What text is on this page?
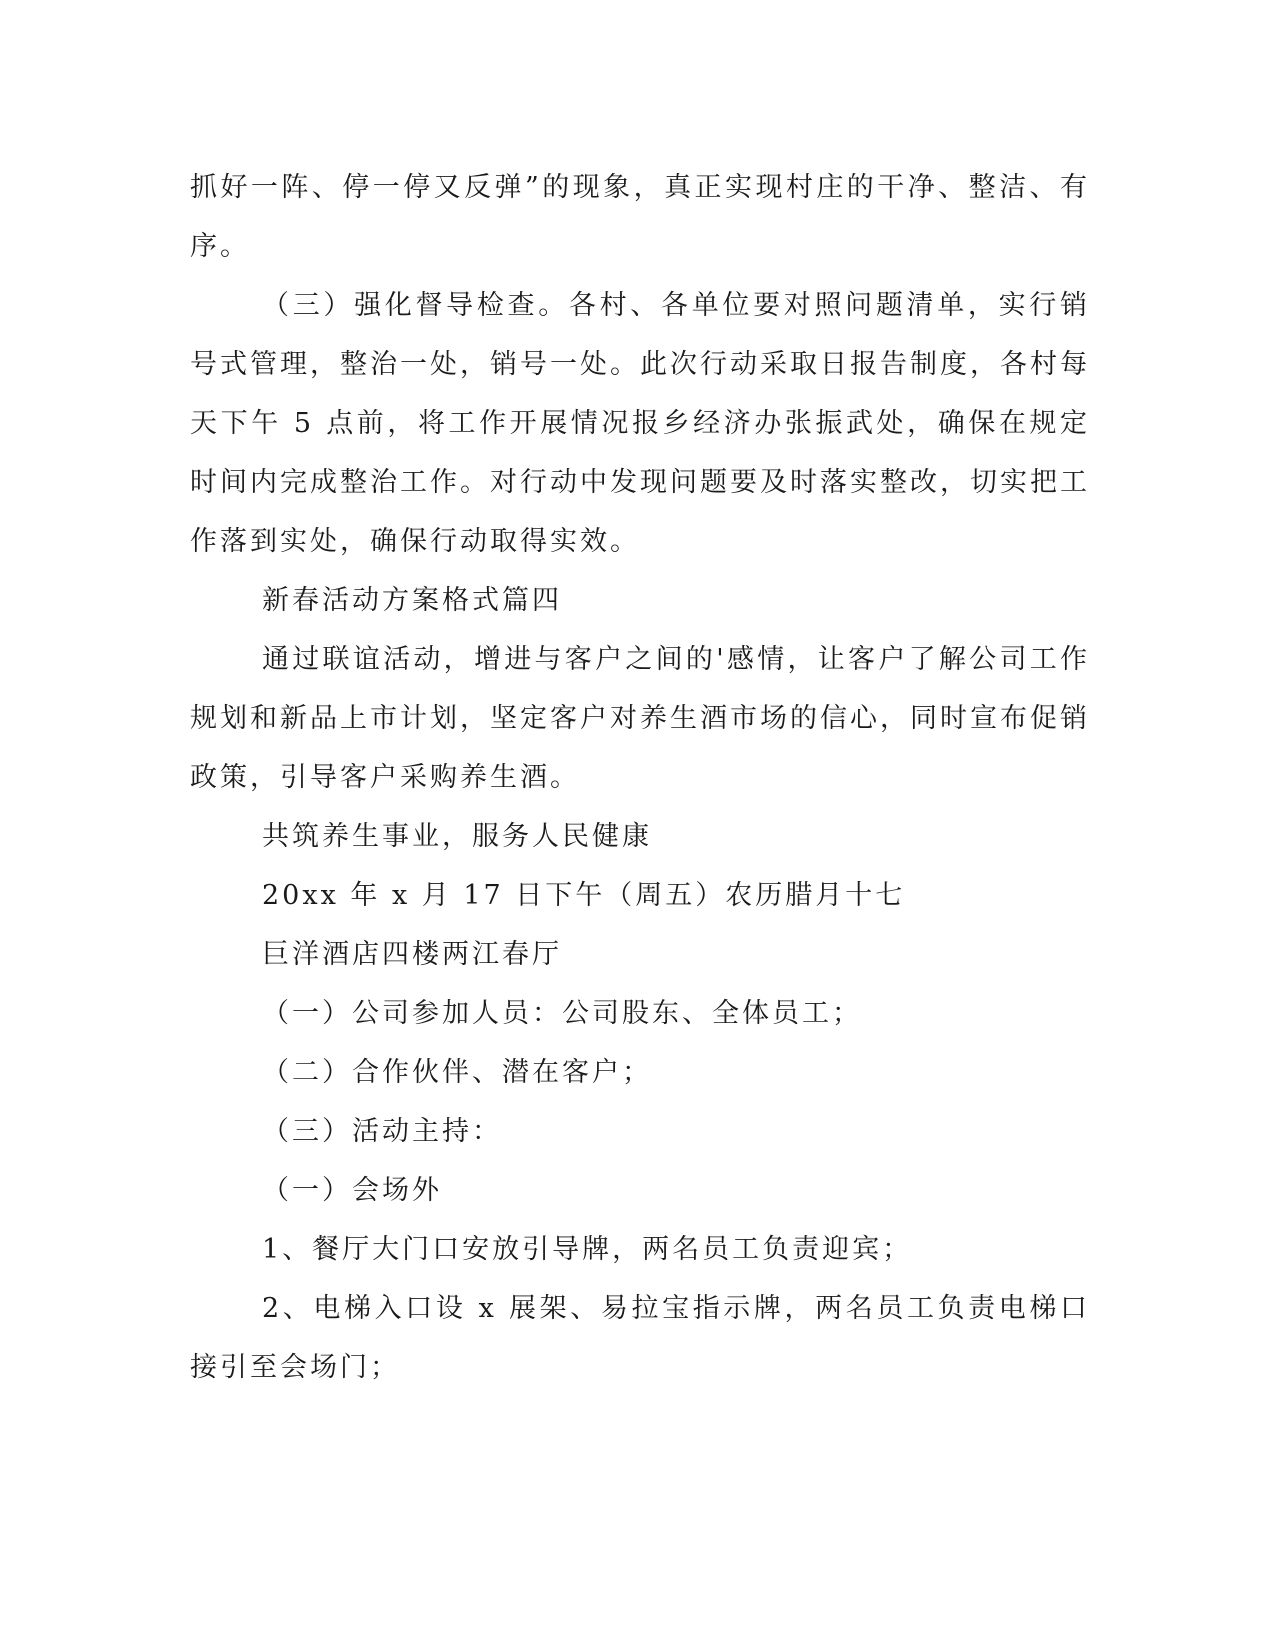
抓好一阵、停一停又反弹”的现象，真正实现村庄的干净、整洁、有序。

（三）强化督导检查。各村、各单位要对照问题清单，实行销号式管理，整治一处，销号一处。此次行动采取日报告制度，各村每天下午 5 点前，将工作开展情况报乡经济办张振武处，确保在规定时间内完成整治工作。对行动中发现问题要及时落实整改，切实把工作落到实处，确保行动取得实效。

新春活动方案格式篇四

通过联谊活动，增进与客户之间的'感情，让客户了解公司工作规划和新品上市计划，坚定客户对养生酒市场的信心，同时宣布促销政策，引导客户采购养生酒。

共筑养生事业，服务人民健康

20xx 年 x 月 17 日下午（周五）农历腊月十七

巨洋酒店四楼两江春厅

（一）公司参加人员：公司股东、全体员工；

（二）合作伙伴、潜在客户；

（三）活动主持：

（一）会场外

1、餐厅大门口安放引导牌，两名员工负责迎宾；

2、电梯入口设 x 展架、易拉宝指示牌，两名员工负责电梯口接引至会场门；
